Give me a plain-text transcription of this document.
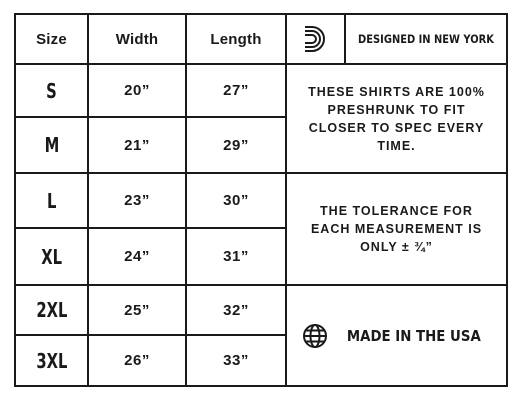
Size	Width	Length	DESIGNED IN NEW YORK
S	20”	27”
M	21”	29”
THESE SHIRTS ARE 100% PRESHRUNK TO FIT CLOSER TO SPEC EVERY TIME.
L	23”	30”
XL	24”	31”
THE TOLERANCE FOR EACH MEASUREMENT IS ONLY ± ¾”
2XL	25”	32”
3XL	26”	33”
MADE IN THE USA
